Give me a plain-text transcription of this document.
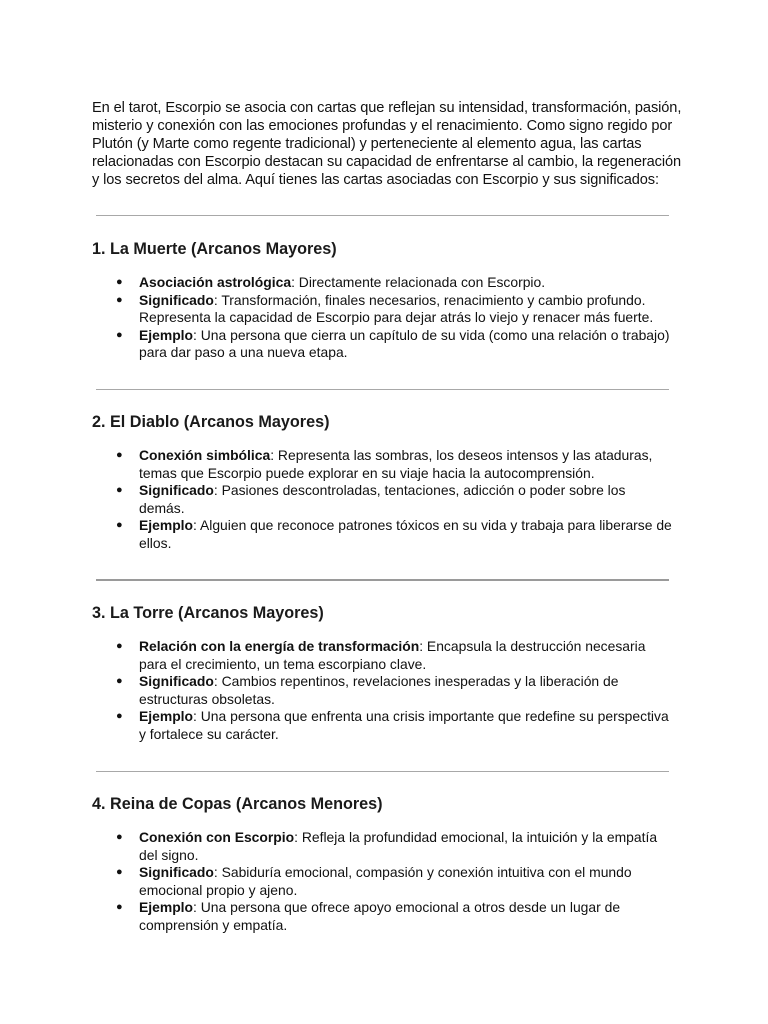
En el tarot, Escorpio se asocia con cartas que reflejan su intensidad, transformación, pasión, misterio y conexión con las emociones profundas y el renacimiento. Como signo regido por Plutón (y Marte como regente tradicional) y perteneciente al elemento agua, las cartas relacionadas con Escorpio destacan su capacidad de enfrentarse al cambio, la regeneración y los secretos del alma. Aquí tienes las cartas asociadas con Escorpio y sus significados:

1. La Muerte (Arcanos Mayores)
● Asociación astrológica: Directamente relacionada con Escorpio.
● Significado: Transformación, finales necesarios, renacimiento y cambio profundo. Representa la capacidad de Escorpio para dejar atrás lo viejo y renacer más fuerte.
● Ejemplo: Una persona que cierra un capítulo de su vida (como una relación o trabajo) para dar paso a una nueva etapa.
2. El Diablo (Arcanos Mayores)
● Conexión simbólica: Representa las sombras, los deseos intensos y las ataduras, temas que Escorpio puede explorar en su viaje hacia la autocomprensión.
● Significado: Pasiones descontroladas, tentaciones, adicción o poder sobre los demás.
● Ejemplo: Alguien que reconoce patrones tóxicos en su vida y trabaja para liberarse de ellos.
3. La Torre (Arcanos Mayores)
● Relación con la energía de transformación: Encapsula la destrucción necesaria para el crecimiento, un tema escorpiano clave.
● Significado: Cambios repentinos, revelaciones inesperadas y la liberación de estructuras obsoletas.
● Ejemplo: Una persona que enfrenta una crisis importante que redefine su perspectiva y fortalece su carácter.
4. Reina de Copas (Arcanos Menores)
● Conexión con Escorpio: Refleja la profundidad emocional, la intuición y la empatía del signo.
● Significado: Sabiduría emocional, compasión y conexión intuitiva con el mundo emocional propio y ajeno.
● Ejemplo: Una persona que ofrece apoyo emocional a otros desde un lugar de comprensión y empatía.
